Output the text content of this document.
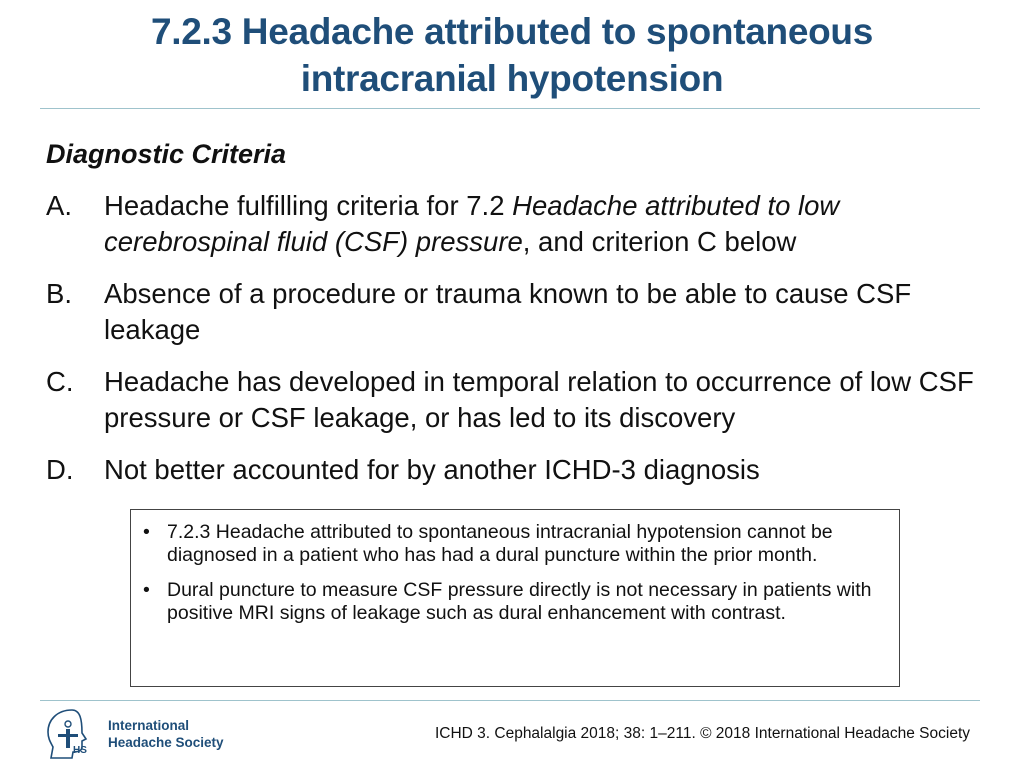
7.2.3 Headache attributed to spontaneous
intracranial hypotension
Diagnostic Criteria
A.	Headache fulfilling criteria for 7.2 Headache attributed to low cerebrospinal fluid (CSF) pressure, and criterion C below
B.	Absence of a procedure or trauma known to be able to cause CSF leakage
C.	Headache has developed in temporal relation to occurrence of low CSF pressure or CSF leakage, or has led to its discovery
D.	Not better accounted for by another ICHD-3 diagnosis
• 7.2.3 Headache attributed to spontaneous intracranial hypotension cannot be diagnosed in a patient who has had a dural puncture within the prior month.
• Dural puncture to measure CSF pressure directly is not necessary in patients with positive MRI signs of leakage such as dural enhancement with contrast.
HS
International
Headache Society
ICHD 3. Cephalalgia 2018; 38: 1–211. © 2018 International Headache Society
